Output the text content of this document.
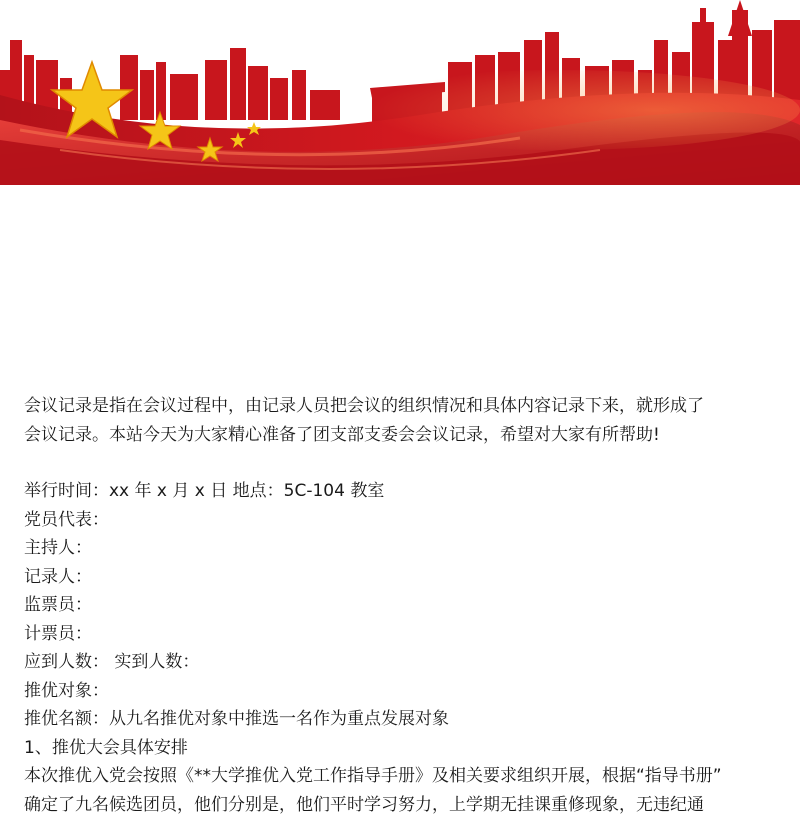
会议记录是指在会议过程中，由记录人员把会议的组织情况和具体内容记录下来，就形成了

会议记录。本站今天为大家精心准备了团支部支委会会议记录，希望对大家有所帮助!

举行时间：xx 年 x 月 x 日 地点：5C-104 教室

党员代表：

主持人：

记录人：

监票员：

计票员：

应到人数： 实到人数：

推优对象：

推优名额：从九名推优对象中推选一名作为重点发展对象

1、推优大会具体安排

本次推优入党会按照《**大学推优入党工作指导手册》及相关要求组织开展，根据“指导书册”

确定了九名候选团员，他们分别是，他们平时学习努力，上学期无挂课重修现象，无违纪通
